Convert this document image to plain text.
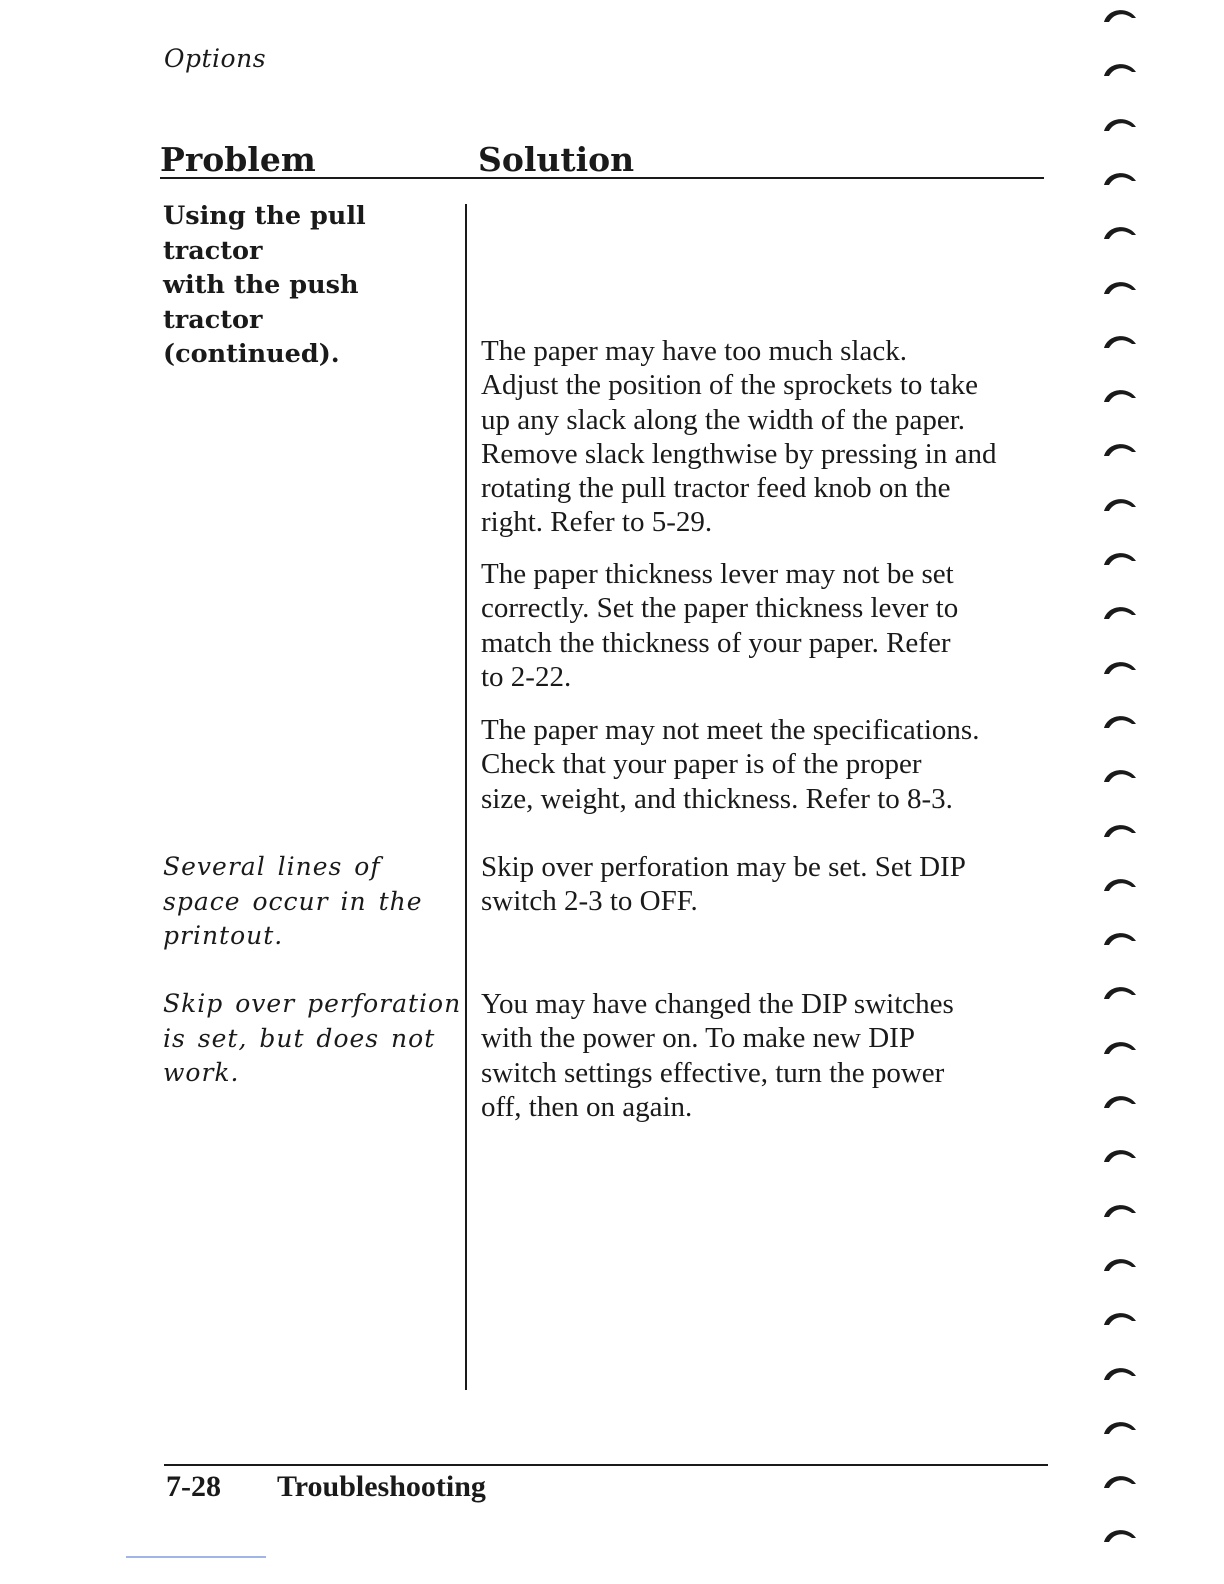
Options
Problem	Solution
Using the pull tractor
with the push tractor
(continued).	The paper may have too much slack.
Adjust the position of the sprockets to take
up any slack along the width of the paper.
Remove slack lengthwise by pressing in and
rotating the pull tractor feed knob on the
right. Refer to 5-29.
The paper thickness lever may not be set
correctly. Set the paper thickness lever to
match the thickness of your paper. Refer
to 2-22.
The paper may not meet the specifications.
Check that your paper is of the proper
size, weight, and thickness. Refer to 8-3.
Several lines of
space occur in the
printout.
Skip over perforation may be set. Set DIP
switch 2-3 to OFF.
Skip over perforation
is set, but does not
work.
You may have changed the DIP switches
with the power on. To make new DIP
switch settings effective, turn the power
off, then on again.
7-28 Troubleshooting
